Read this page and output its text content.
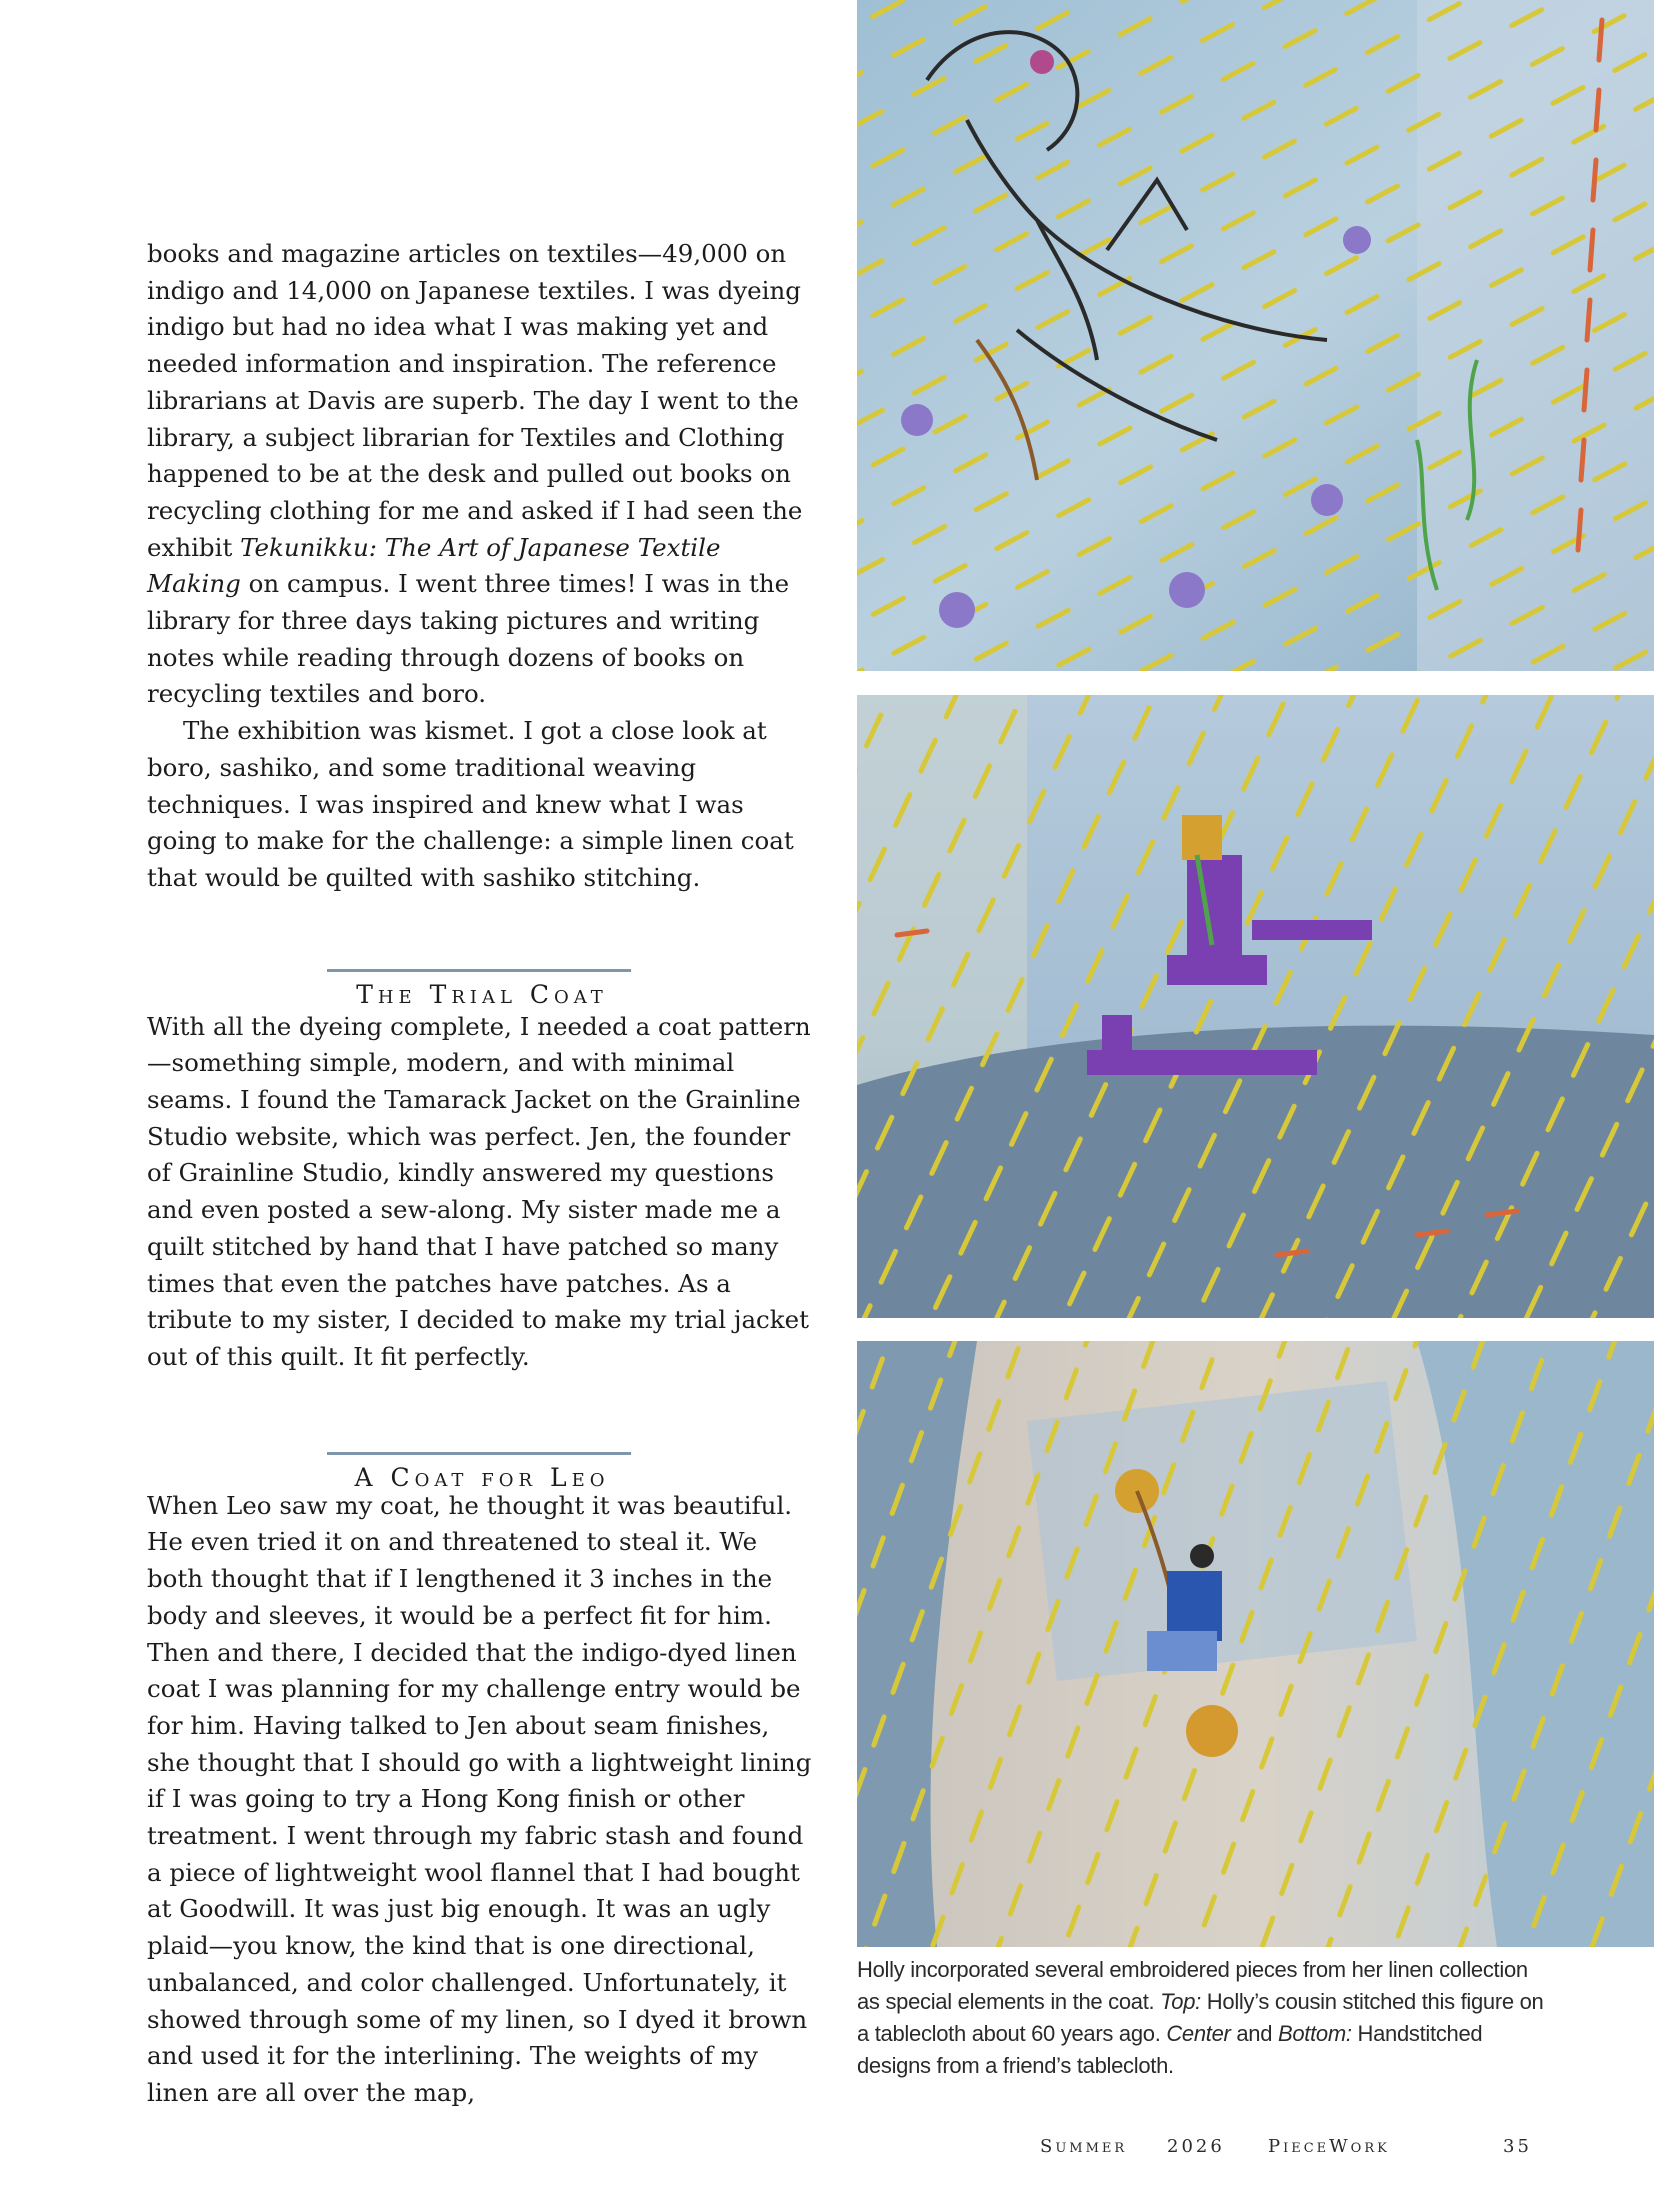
books and magazine articles on textiles—49,000 on indigo and 14,000 on Japanese textiles. I was dyeing indigo but had no idea what I was making yet and needed information and inspiration. The reference librarians at Davis are superb. The day I went to the library, a subject librarian for Textiles and Clothing happened to be at the desk and pulled out books on recycling clothing for me and asked if I had seen the exhibit Tekunikku: The Art of Japanese Textile Making on campus. I went three times! I was in the library for three days taking pictures and writing notes while reading through dozens of books on recycling textiles and boro.

The exhibition was kismet. I got a close look at boro, sashiko, and some traditional weaving techniques. I was inspired and knew what I was going to make for the challenge: a simple linen coat that would be quilted with sashiko stitching.

The Trial Coat

With all the dyeing complete, I needed a coat pattern—something simple, modern, and with minimal seams. I found the Tamarack Jacket on the Grainline Studio website, which was perfect. Jen, the founder of Grainline Studio, kindly answered my questions and even posted a sew-along. My sister made me a quilt stitched by hand that I have patched so many times that even the patches have patches. As a tribute to my sister, I decided to make my trial jacket out of this quilt. It fit perfectly.

A Coat for Leo

When Leo saw my coat, he thought it was beautiful. He even tried it on and threatened to steal it. We both thought that if I lengthened it 3 inches in the body and sleeves, it would be a perfect fit for him. Then and there, I decided that the indigo-dyed linen coat I was planning for my challenge entry would be for him. Having talked to Jen about seam finishes, she thought that I should go with a lightweight lining if I was going to try a Hong Kong finish or other treatment. I went through my fabric stash and found a piece of lightweight wool flannel that I had bought at Goodwill. It was just big enough. It was an ugly plaid—you know, the kind that is one directional, unbalanced, and color challenged. Unfortunately, it showed through some of my linen, so I dyed it brown and used it for the interlining. The weights of my linen are all over the map,

Holly incorporated several embroidered pieces from her linen collection as special elements in the coat. Top: Holly’s cousin stitched this figure on a tablecloth about 60 years ago. Center and Bottom: Handstitched designs from a friend’s tablecloth.
Summer 2026 PieceWork	35
